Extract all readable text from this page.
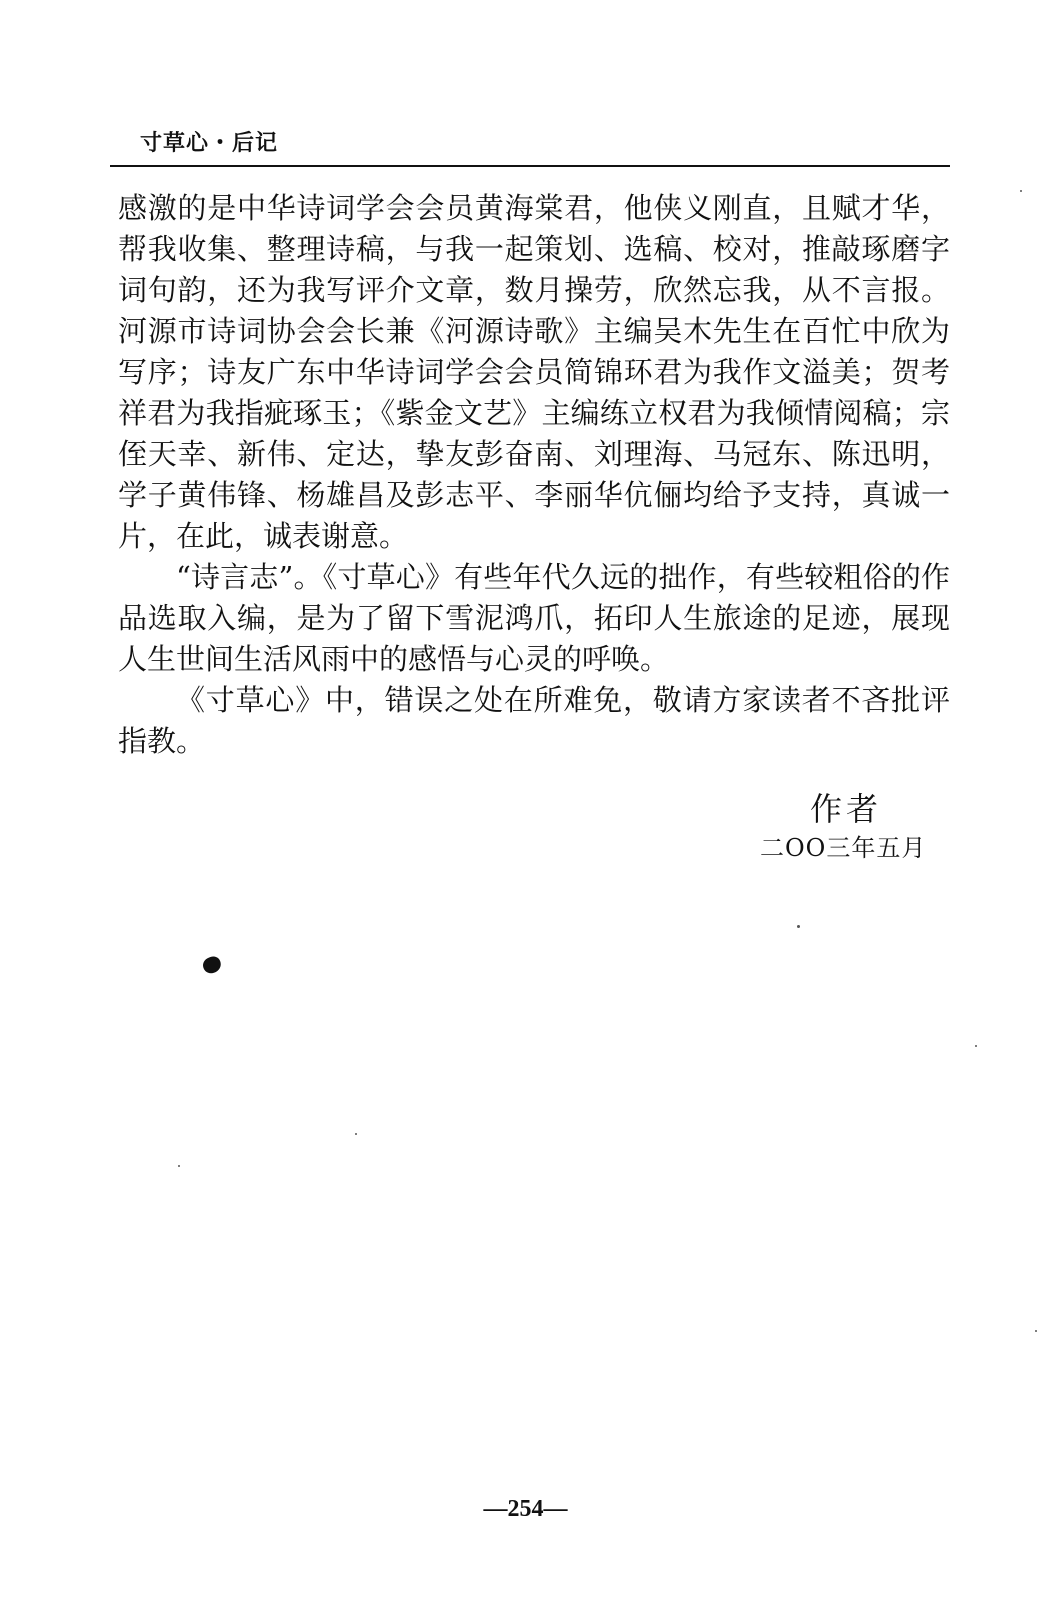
寸草心・后记

感激的是中华诗词学会会员黄海棠君，他侠义刚直，且赋才华，帮我收集、整理诗稿，与我一起策划、选稿、校对，推敲琢磨字词句韵，还为我写评介文章，数月操劳，欣然忘我，从不言报。河源市诗词协会会长兼《河源诗歌》主编吴木先生在百忙中欣为写序；诗友广东中华诗词学会会员简锦环君为我作文溢美；贺考祥君为我指疵琢玉；《紫金文艺》主编练立权君为我倾情阅稿；宗侄天幸、新伟、定达，挚友彭奋南、刘理海、马冠东、陈迅明，学子黄伟锋、杨雄昌及彭志平、李丽华伉俪均给予支持，真诚一片，在此，诚表谢意。

“诗言志”。《寸草心》有些年代久远的拙作，有些较粗俗的作品选取入编，是为了留下雪泥鸿爪，拓印人生旅途的足迹，展现人生世间生活风雨中的感悟与心灵的呼唤。

《寸草心》中，错误之处在所难免，敬请方家读者不吝批评指教。

作者
二OO三年五月
—254—
